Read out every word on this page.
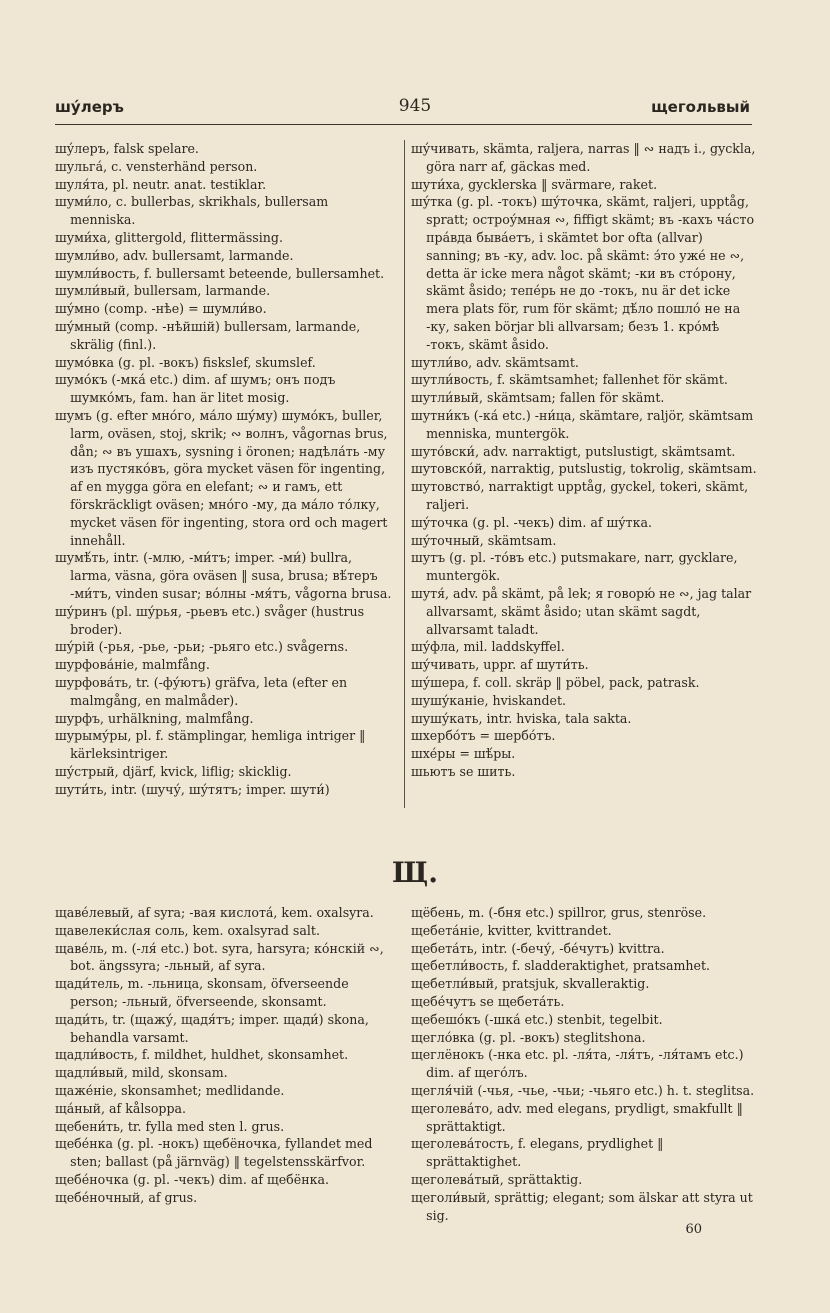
шу́леръ	945	щегольвый

шу́леръ, falsk spelare.

шульга́, c. vensterhänd person.

шуля́та, pl. neutr. anat. testiklar.

шуми́ло, c. bullerbas, skrikhals, bullersam menniska.

шуми́ха, glittergold, flittermässing.

шумли́во, adv. bullersamt, larmande.

шумли́вость, f. bullersamt beteende, bullersamhet.

шумли́вый, bullersam, larmande.

шу́мно (comp. -нѣе) = шумли́во.

шу́мный (comp. -нѣйшій) bullersam, larmande, skrälig (finl.).

шумо́вка (g. pl. -вокъ) fiskslef, skumslef.

шумо́къ (-мка́ etc.) dim. af шумъ; онъ подъ шумко́мъ, fam. han är litet mosig.

шумъ (g. efter мно́го, ма́ло шу́му) шумо́къ, buller, larm, oväsen, stoj, skrik; ∾ волнъ, vågornas brus, dån; ∾ въ ушахъ, sysning i öronen; надѣла́ть -му изъ пустяко́въ, göra mycket väsen för ingenting, af en mygga göra en elefant; ∾ и гамъ, ett förskräckligt oväsen; мно́го -му, да ма́ло то́лку, mycket väsen för ingenting, stora ord och magert innehåll.

шумѣ́ть, intr. (-млю, -ми́тъ; imper. -ми́) bullra, larma, väsna, göra oväsen ‖ susa, brusa; вѣ́теръ -ми́тъ, vinden susar; во́лны -мя́тъ, vågorna brusa.

шу́ринъ (pl. шу́рья, -рьевъ etc.) svåger (hustrus broder).

шу́рій (-рья, -рье, -рьи; -рьяго etc.) svågerns.

шурфова́ніе, malmfång.

шурфова́ть, tr. (-фу́ютъ) gräfva, leta (efter en malmgång, en malmåder).

шурфъ, urhälkning, malmfång.

шурыму́ры, pl. f. stämplingar, hemliga intriger ‖ kärleksintriger.

шу́стрый, djärf, kvick, liflig; skicklig.

шути́ть, intr. (шучу́, шу́тятъ; imper. шути́)

шу́чивать, skämta, raljera, narras ‖ ∾ надъ i., gyckla, göra narr af, gäckas med.

шути́ха, gycklerska ‖ svärmare, raket.

шу́тка (g. pl. -токъ) шу́точка, skämt, raljeri, upptåg, spratt; остроу́мная ∾, fiffigt skämt; въ -кахъ ча́сто пра́вда быва́етъ, i skämtet bor ofta (allvar) sanning; въ -ку, adv. loc. på skämt: э́то уже́ не ∾, detta är icke mera något skämt; -ки въ сто́рону, skämt åsido; тепе́рь не до -токъ, nu är det icke mera plats för, rum för skämt; дѣ́ло пошло́ не на -ку, saken börjar bli allvarsam; безъ 1. кро́мѣ -токъ, skämt åsido.

шутли́во, adv. skämtsamt.

шутли́вость, f. skämtsamhet; fallenhet för skämt.

шутли́вый, skämtsam; fallen för skämt.

шутни́къ (-ка́ etc.) -ни́ца, skämtare, raljör, skämtsam menniska, muntergök.

шуто́вски́, adv. narraktigt, putslustigt, skämtsamt.

шутовско́й, narraktig, putslustig, tokrolig, skämtsam.

шутовство́, narraktigt upptåg, gyckel, tokeri, skämt, raljeri.

шу́точка (g. pl. -чекъ) dim. af шу́тка.

шу́точный, skämtsam.

шутъ (g. pl. -то́въ etc.) putsmakare, narr, gycklare, muntergök.

шутя́, adv. på skämt, på lek; я говорю́ не ∾, jag talar allvarsamt, skämt åsido; utan skämt sagdt, allvarsamt taladt.

шу́фла, mil. laddskyffel.

шу́чивать, uppr. af шути́ть.

шу́шера, f. coll. skräp ‖ pöbel, pack, patrask.

шушу́каніе, hviskandet.

шушу́кать, intr. hviska, tala sakta.

шхербо́тъ = шербо́тъ.

шхе́ры = шѣ́ры.

шьютъ se шить.

Щ.

щаве́левый, af syra; -вая кислота́, kem. oxalsyra.

щавелеки́слая соль, kem. oxalsyrad salt.

щаве́ль, m. (-ля́ etc.) bot. syra, harsyra; ко́нскій ∾, bot. ängssyra; -льный, af syra.

щади́тель, m. -льница, skonsam, öfverseende person; -льный, öfverseende, skonsamt.

щади́ть, tr. (щажу́, щадя́тъ; imper. щади́) skona, behandla varsamt.

щадли́вость, f. mildhet, huldhet, skonsamhet.

щадли́вый, mild, skonsam.

щаже́ніе, skonsamhet; medlidande.

ща́ный, af kålsoppa.

щебени́ть, tr. fylla med sten l. grus.

щебе́нка (g. pl. -нокъ) щебёночка, fyllandet med sten; ballast (på järnväg) ‖ tegelstensskärfvor.

щебе́ночка (g. pl. -чекъ) dim. af щебёнка.

щебе́ночный, af grus.

щёбень, m. (-бня etc.) spillror, grus, stenröse.

щебета́ніе, kvitter, kvittrandet.

щебета́ть, intr. (-бечу́, -бе́чутъ) kvittra.

щебетли́вость, f. sladderaktighet, pratsamhet.

щебетли́вый, pratsjuk, skvalleraktig.

щебе́чутъ se щебета́ть.

щебешо́къ (-шка́ etc.) stenbit, tegelbit.

щегло́вка (g. pl. -вокъ) steglitshona.

щеглёнокъ (-нка etc. pl. -ля́та, -ля́тъ, -ля́тамъ etc.) dim. af щего́лъ.

щегля́чій (-чья, -чье, -чьи; -чьяго etc.) h. t. steglitsa.

щеголева́то, adv. med elegans, prydligt, smakfullt ‖ sprättaktigt.

щеголева́тость, f. elegans, prydlighet ‖ sprättaktighet.

щеголева́тый, sprättaktig.

щеголи́вый, sprättig; elegant; som älskar att styra ut sig.

60
